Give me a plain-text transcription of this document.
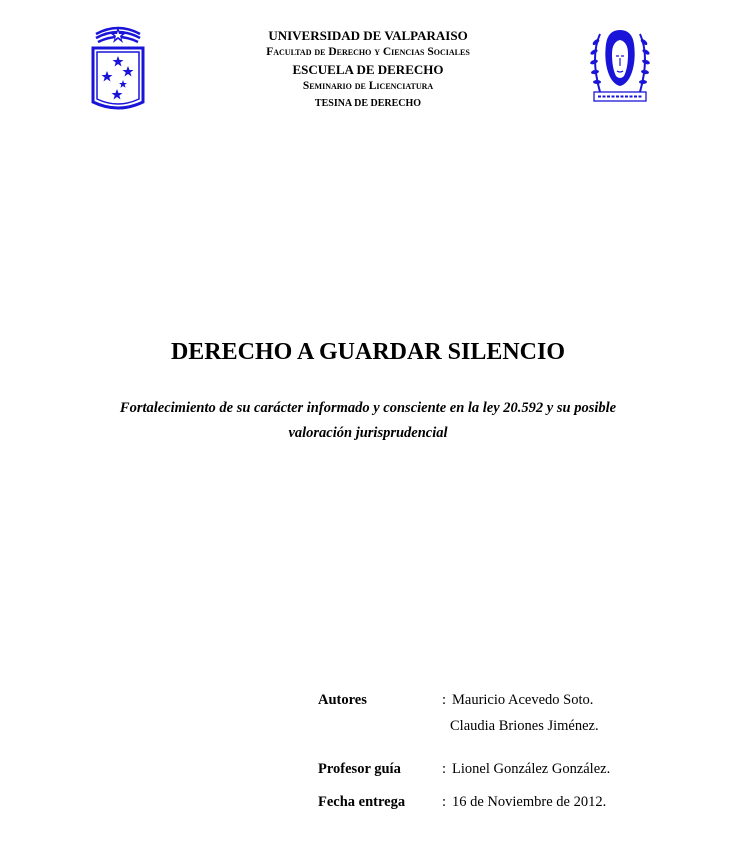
UNIVERSIDAD DE VALPARAISO
Facultad de Derecho y Ciencias Sociales
ESCUELA DE DERECHO
Seminario de Licenciatura
TESINA DE DERECHO
DERECHO A GUARDAR SILENCIO
Fortalecimiento de su carácter informado y consciente en la ley 20.592 y su posible
valoración jurisprudencial
Autores	: Mauricio Acevedo Soto.
Claudia Briones Jiménez.
Profesor guía	: Lionel González González.
Fecha entrega	: 16 de Noviembre de 2012.
